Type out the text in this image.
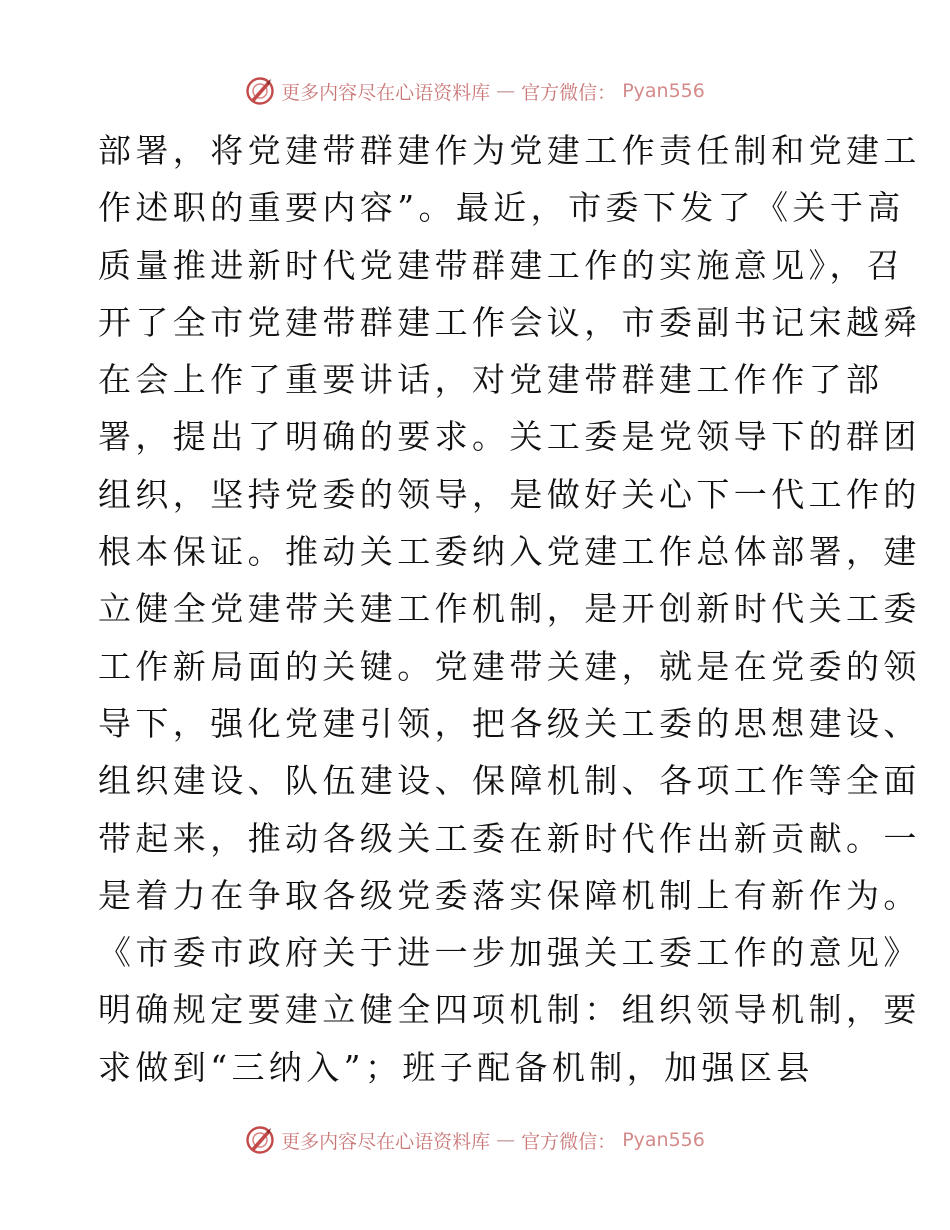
更多内容尽在心语资料库 — 官方微信： Pyan556
部署，将党建带群建作为党建工作责任制和党建工
作述职的重要内容”。最近，市委下发了《关于高
质量推进新时代党建带群建工作的实施意见》，召
开了全市党建带群建工作会议，市委副书记宋越舜
在会上作了重要讲话，对党建带群建工作作了部
署，提出了明确的要求。关工委是党领导下的群团
组织，坚持党委的领导，是做好关心下一代工作的
根本保证。推动关工委纳入党建工作总体部署，建
立健全党建带关建工作机制，是开创新时代关工委
工作新局面的关键。党建带关建，就是在党委的领
导下，强化党建引领，把各级关工委的思想建设、
组织建设、队伍建设、保障机制、各项工作等全面
带起来，推动各级关工委在新时代作出新贡献。一
是着力在争取各级党委落实保障机制上有新作为。
《市委市政府关于进一步加强关工委工作的意见》
明确规定要建立健全四项机制：组织领导机制，要
求做到“三纳入”；班子配备机制，加强区县
更多内容尽在心语资料库 — 官方微信： Pyan556
